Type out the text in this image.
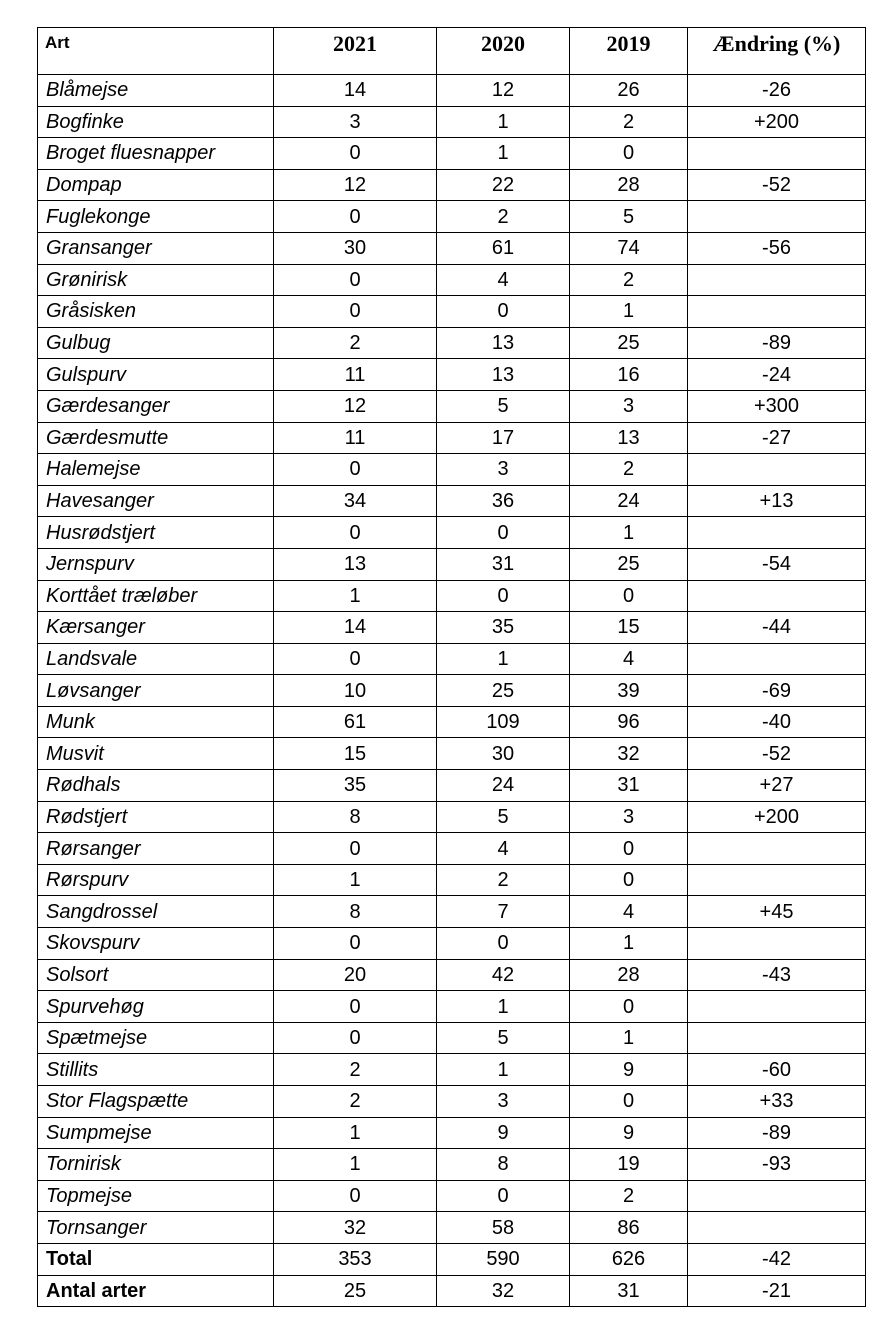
Art	2021	2020	2019	Ændring (%)
Blåmejse	14	12	26	-26
Bogfinke	3	1	2	+200
Broget fluesnapper	0	1	0	
Dompap	12	22	28	-52
Fuglekonge	0	2	5	
Gransanger	30	61	74	-56
Grønirisk	0	4	2	
Gråsisken	0	0	1	
Gulbug	2	13	25	-89
Gulspurv	11	13	16	-24
Gærdesanger	12	5	3	+300
Gærdesmutte	11	17	13	-27
Halemejse	0	3	2	
Havesanger	34	36	24	+13
Husrødstjert	0	0	1	
Jernspurv	13	31	25	-54
Korttået træløber	1	0	0	
Kærsanger	14	35	15	-44
Landsvale	0	1	4	
Løvsanger	10	25	39	-69
Munk	61	109	96	-40
Musvit	15	30	32	-52
Rødhals	35	24	31	+27
Rødstjert	8	5	3	+200
Rørsanger	0	4	0	
Rørspurv	1	2	0	
Sangdrossel	8	7	4	+45
Skovspurv	0	0	1	
Solsort	20	42	28	-43
Spurvehøg	0	1	0	
Spætmejse	0	5	1	
Stillits	2	1	9	-60
Stor Flagspætte	2	3	0	+33
Sumpmejse	1	9	9	-89
Tornirisk	1	8	19	-93
Topmejse	0	0	2	
Tornsanger	32	58	86	
Total	353	590	626	-42
Antal arter	25	32	31	-21
